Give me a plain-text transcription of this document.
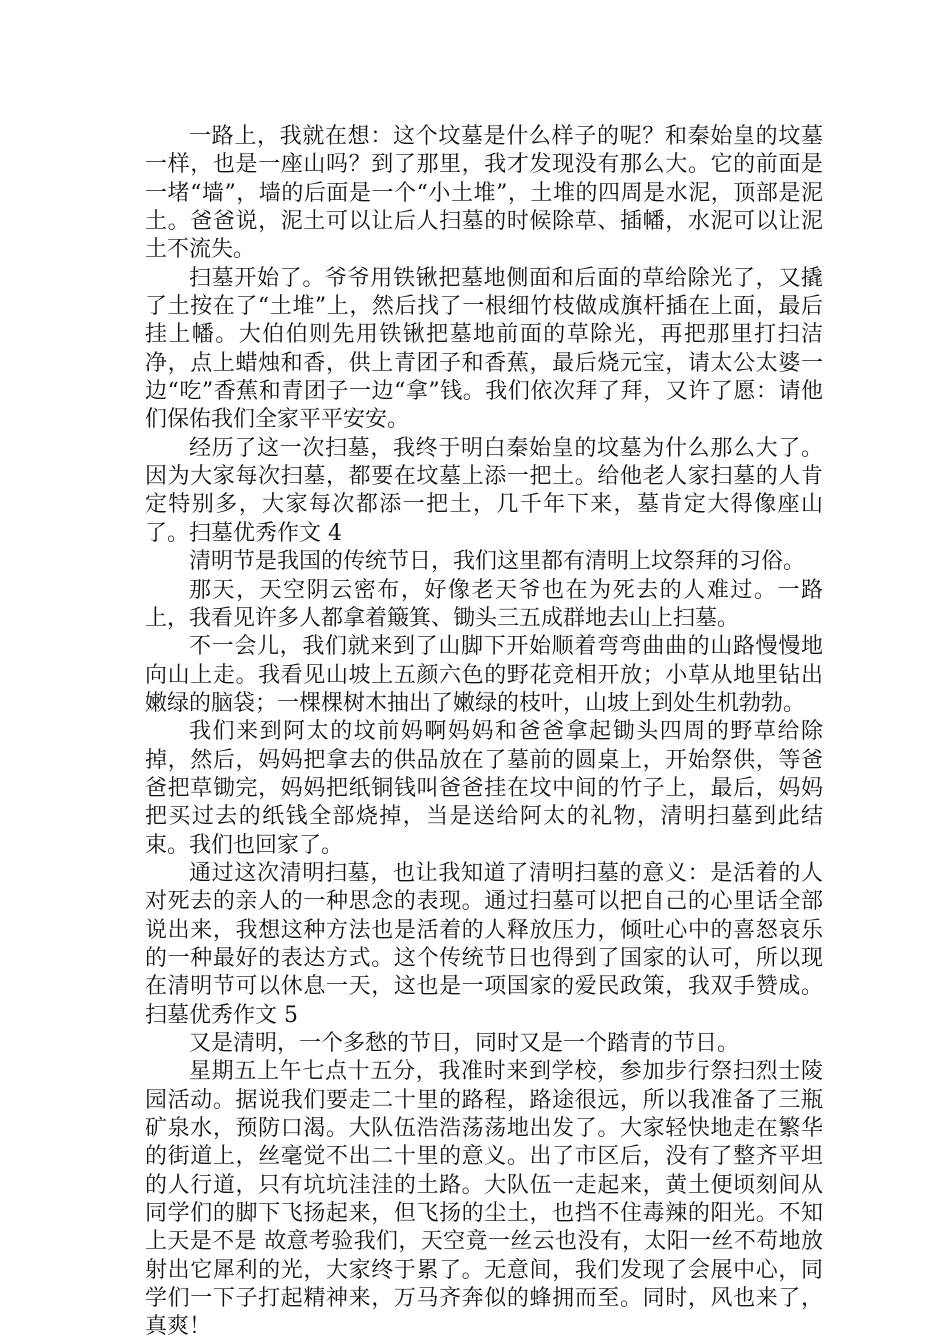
一路上，我就在想：这个坟墓是什么样子的呢？和秦始皇的坟墓一样，也是一座山吗？到了那里，我才发现没有那么大。它的前面是一堵“墙”，墙的后面是一个“小土堆”，土堆的四周是水泥，顶部是泥土。爸爸说，泥土可以让后人扫墓的时候除草、插幡，水泥可以让泥土不流失。

扫墓开始了。爷爷用铁锹把墓地侧面和后面的草给除光了，又撬了土按在了“土堆”上，然后找了一根细竹枝做成旗杆插在上面，最后挂上幡。大伯伯则先用铁锹把墓地前面的草除光，再把那里打扫洁净，点上蜡烛和香，供上青团子和香蕉，最后烧元宝，请太公太婆一边“吃”香蕉和青团子一边“拿”钱。我们依次拜了拜，又许了愿：请他们保佑我们全家平平安安。

经历了这一次扫墓，我终于明白秦始皇的坟墓为什么那么大了。因为大家每次扫墓，都要在坟墓上添一把土。给他老人家扫墓的人肯定特别多，大家每次都添一把土，几千年下来，墓肯定大得像座山了。扫墓优秀作文 4

清明节是我国的传统节日，我们这里都有清明上坟祭拜的习俗。

那天，天空阴云密布，好像老天爷也在为死去的人难过。一路上，我看见许多人都拿着簸箕、锄头三五成群地去山上扫墓。

不一会儿，我们就来到了山脚下开始顺着弯弯曲曲的山路慢慢地向山上走。我看见山坡上五颜六色的野花竞相开放；小草从地里钻出嫩绿的脑袋；一棵棵树木抽出了嫩绿的枝叶，山坡上到处生机勃勃。

我们来到阿太的坟前妈啊妈妈和爸爸拿起锄头四周的野草给除掉，然后，妈妈把拿去的供品放在了墓前的圆桌上，开始祭供，等爸爸把草锄完，妈妈把纸铜钱叫爸爸挂在坟中间的竹子上，最后，妈妈把买过去的纸钱全部烧掉，当是送给阿太的礼物，清明扫墓到此结束。我们也回家了。

通过这次清明扫墓，也让我知道了清明扫墓的意义：是活着的人对死去的亲人的一种思念的表现。通过扫墓可以把自己的心里话全部说出来，我想这种方法也是活着的人释放压力，倾吐心中的喜怒哀乐的一种最好的表达方式。这个传统节日也得到了国家的认可，所以现在清明节可以休息一天，这也是一项国家的爱民政策，我双手赞成。扫墓优秀作文 5

又是清明，一个多愁的节日，同时又是一个踏青的节日。

星期五上午七点十五分，我准时来到学校，参加步行祭扫烈士陵园活动。据说我们要走二十里的路程，路途很远，所以我准备了三瓶矿泉水，预防口渴。大队伍浩浩荡荡地出发了。大家轻快地走在繁华的街道上，丝毫觉不出二十里的意义。出了市区后，没有了整齐平坦的人行道，只有坑坑洼洼的土路。大队伍一走起来，黄土便顷刻间从同学们的脚下飞扬起来，但飞扬的尘土，也挡不住毒辣的阳光。不知上天是不是 故意考验我们，天空竟一丝云也没有，太阳一丝不苟地放射出它犀利的光，大家终于累了。无意间，我们发现了会展中心，同学们一下子打起精神来，万马齐奔似的蜂拥而至。同时，风也来了，真爽！
